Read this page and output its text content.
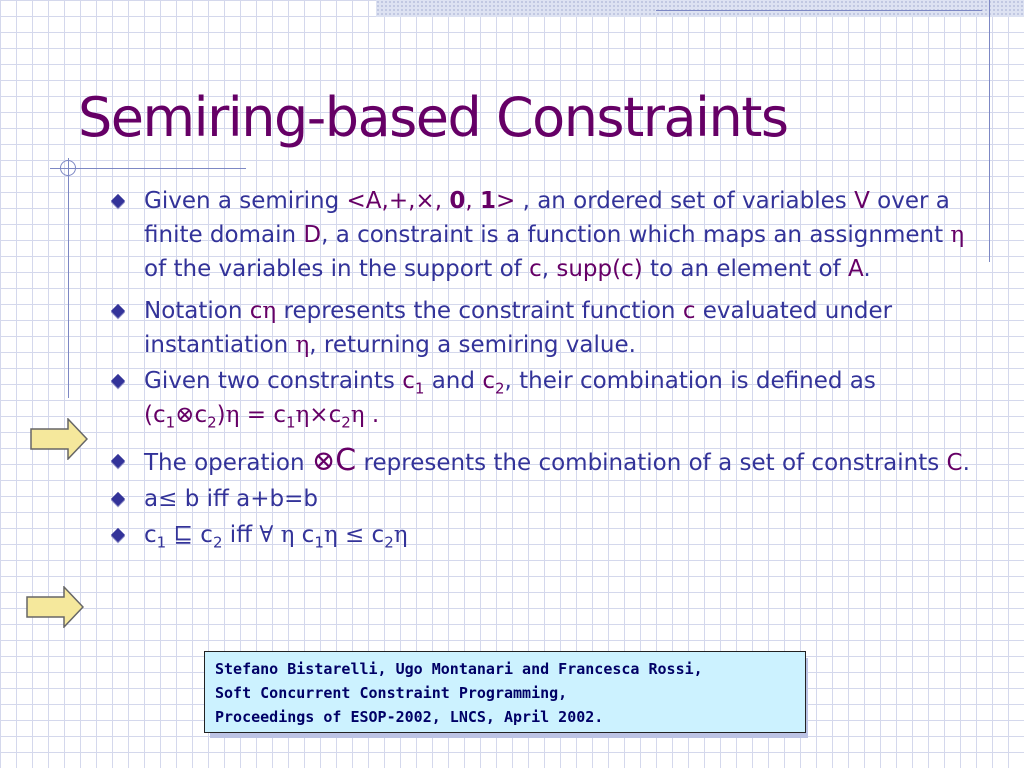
Semiring-based Constraints
Given a semiring <A,+,×, 0, 1> , an ordered set of variables V over a finite domain D, a constraint is a function which maps an assignment η of the variables in the support of c, supp(c) to an element of A.
Notation cη represents the constraint function c evaluated under instantiation η, returning a semiring value.
Given two constraints $c_1$ and $c_2$, their combination is defined as
$(c_1\otimes c_2)\eta = c_1\eta\times c_2\eta$ .
The operation ⊗C represents the combination of a set of constraints C.
a≤ b iff a+b=b
$c_1$ ⊑ $c_2$ iff ∀ η $c_1\eta \le c_2\eta$
Stefano Bistarelli, Ugo Montanari and Francesca Rossi,
Soft Concurrent Constraint Programming,
Proceedings of ESOP-2002, LNCS, April 2002.
